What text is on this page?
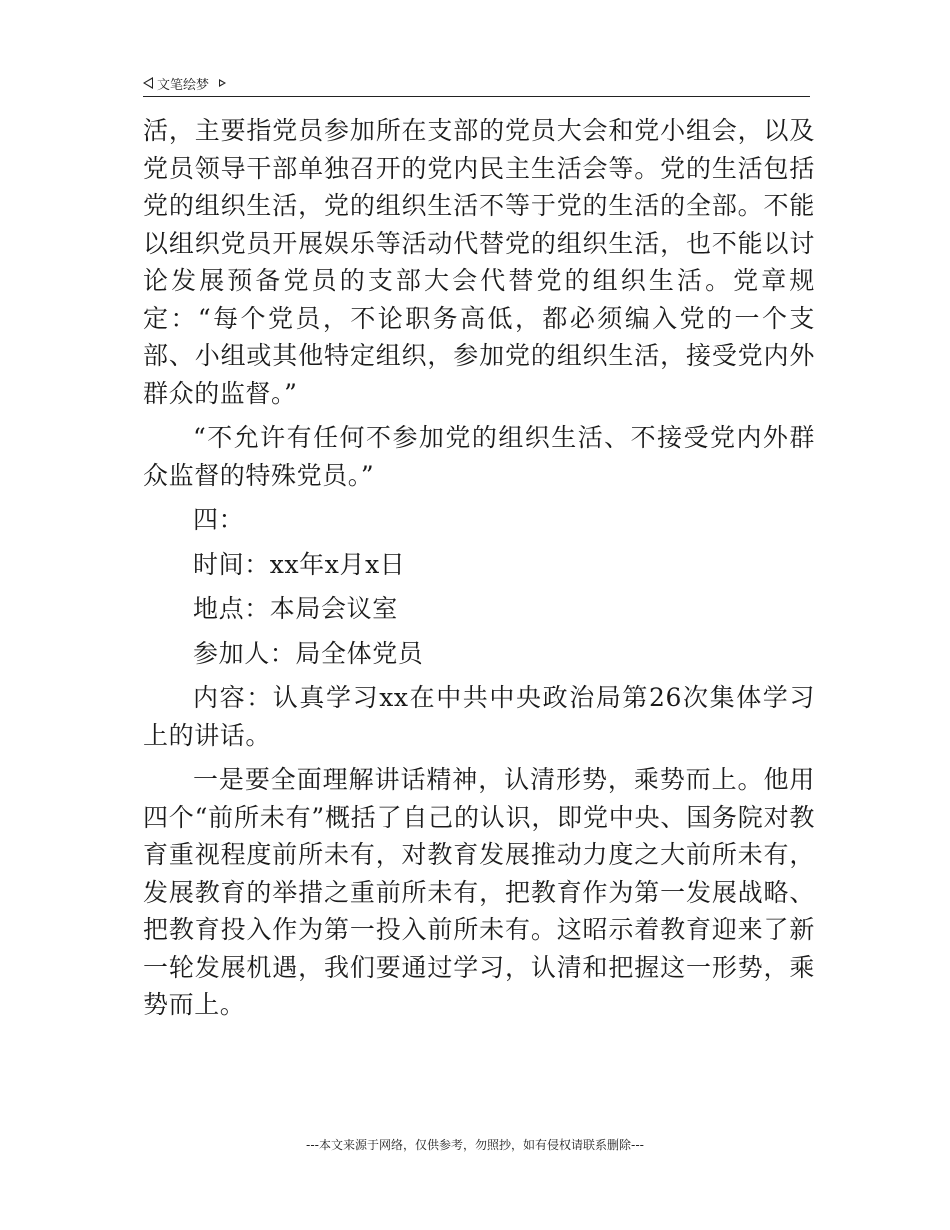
文笔绘梦

活，主要指党员参加所在支部的党员大会和党小组会，以及党员领导干部单独召开的党内民主生活会等。党的生活包括党的组织生活，党的组织生活不等于党的生活的全部。不能以组织党员开展娱乐等活动代替党的组织生活，也不能以讨论发展预备党员的支部大会代替党的组织生活。党章规定：“每个党员，不论职务高低，都必须编入党的一个支部、小组或其他特定组织，参加党的组织生活，接受党内外群众的监督。”

“不允许有任何不参加党的组织生活、不接受党内外群众监督的特殊党员。”

四：

时间：xx年x月x日

地点：本局会议室

参加人：局全体党员

内容：认真学习xx在中共中央政治局第26次集体学习上的讲话。

一是要全面理解讲话精神，认清形势，乘势而上。他用四个“前所未有”概括了自己的认识，即党中央、国务院对教育重视程度前所未有，对教育发展推动力度之大前所未有，发展教育的举措之重前所未有，把教育作为第一发展战略、把教育投入作为第一投入前所未有。这昭示着教育迎来了新一轮发展机遇，我们要通过学习，认清和把握这一形势，乘势而上。

---本文来源于网络，仅供参考，勿照抄，如有侵权请联系删除---
